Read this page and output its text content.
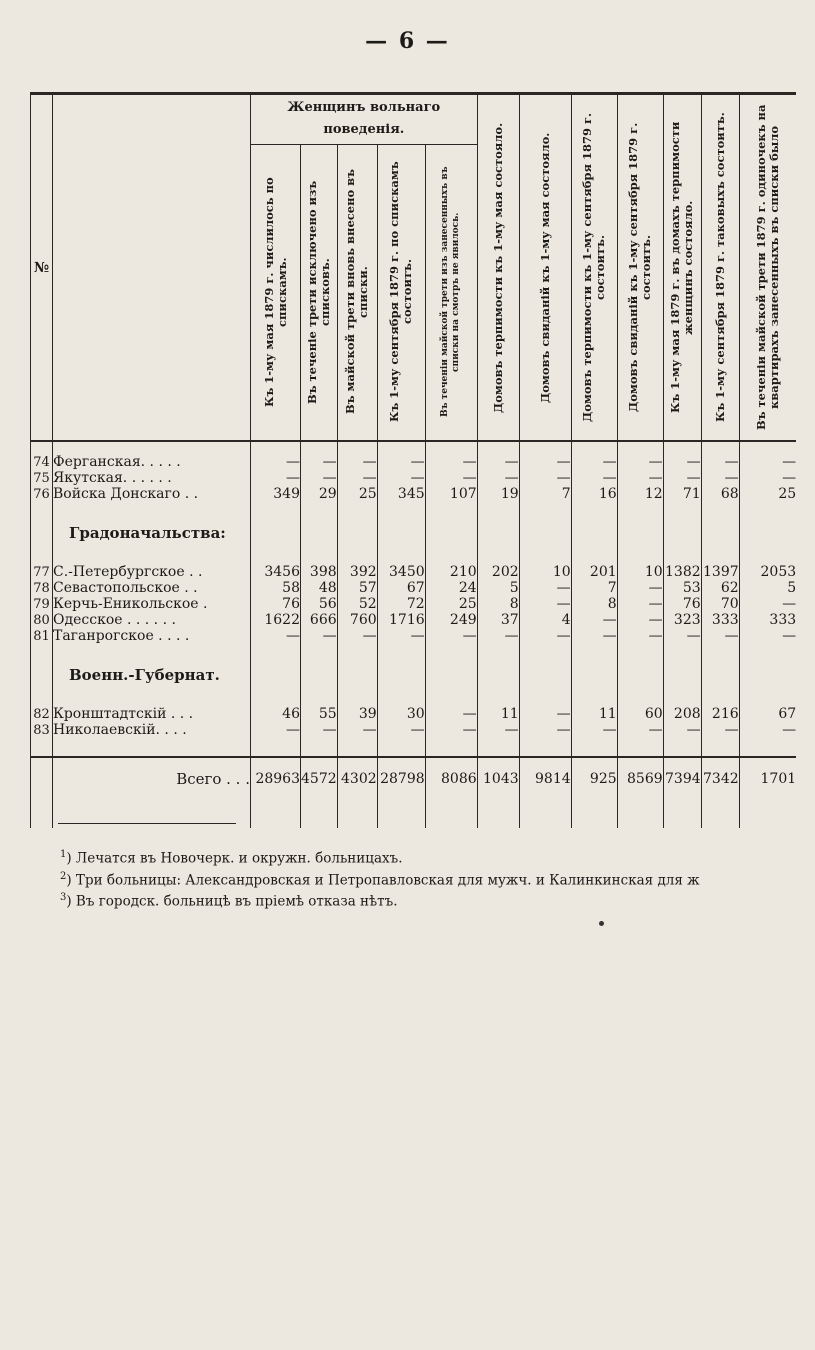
— 6 —
№		Женщинъ вольнаго поведенія.					Домовъ терпимости къ 1-му мая состояло.	Домовъ свиданій къ 1-му мая состояло.	Домовъ терпимости къ 1-му сентября 1879 г. состоитъ.	Домовъ свиданій къ 1-му сентября 1879 г. состоитъ.	Къ 1-му мая 1879 г. въ домахъ терпимости женщинъ состояло.	Къ 1-му сентября 1879 г. таковыхъ состоитъ.	Въ теченіи майской трети 1879 г. одиночекъ на квартирахъ занесенныхъ въ списки было

		Къ 1-му мая 1879 г. числилось по спискамъ.	Въ теченіе трети исключено изъ списковъ.	Въ майской трети вновь внесено въ списки.	Къ 1-му сентября 1879 г. по спискамъ состоитъ.	Въ теченіи майской трети изъ занесенныхъ въ списки на смотръ не явилось.							

74	Ферганская. . . . .	—	—	—	—	—	—	—	—	—	—	—	—
75	Якутская. . . . . .	—	—	—	—	—	—	—	—	—	—	—	—
76	Войска Донскаго . .	349	29	25	345	107	19	7	16	12	71	68	25
	Градоначальства:												
77	С.-Петербургское . .	3456	398	392	3450	210	202	10	201	10	1382	1397	2053
78	Севастопольское . .	58	48	57	67	24	5	—	7	—	53	62	5
79	Керчь-Еникольское .	76	56	52	72	25	8	—	8	—	76	70	—
80	Одесское . . . . . .	1622	666	760	1716	249	37	4	—	—	323	333	333
81	Таганрогское . . . .	—	—	—	—	—	—	—	—	—	—	—	—
	Военн.-Губернат.												
82	Кронштадтскій . . .	46	55	39	30	—	11	—	11	60	208	216	67
83	Николаевскій. . . .	—	—	—	—	—	—	—	—	—	—	—	—

	Всего . . .	28963	4572	4302	28798	8086	1043	9814	925	8569	7394	7342	1701

$^1$) Лечатся въ Новочерк. и окружн. больницахъ.
$^2$) Три больницы: Александровская и Петропавловская для мужч. и Калинкинская для ж
$^3$) Въ городск. больницѣ въ пріемѣ отказа нѣтъ.
